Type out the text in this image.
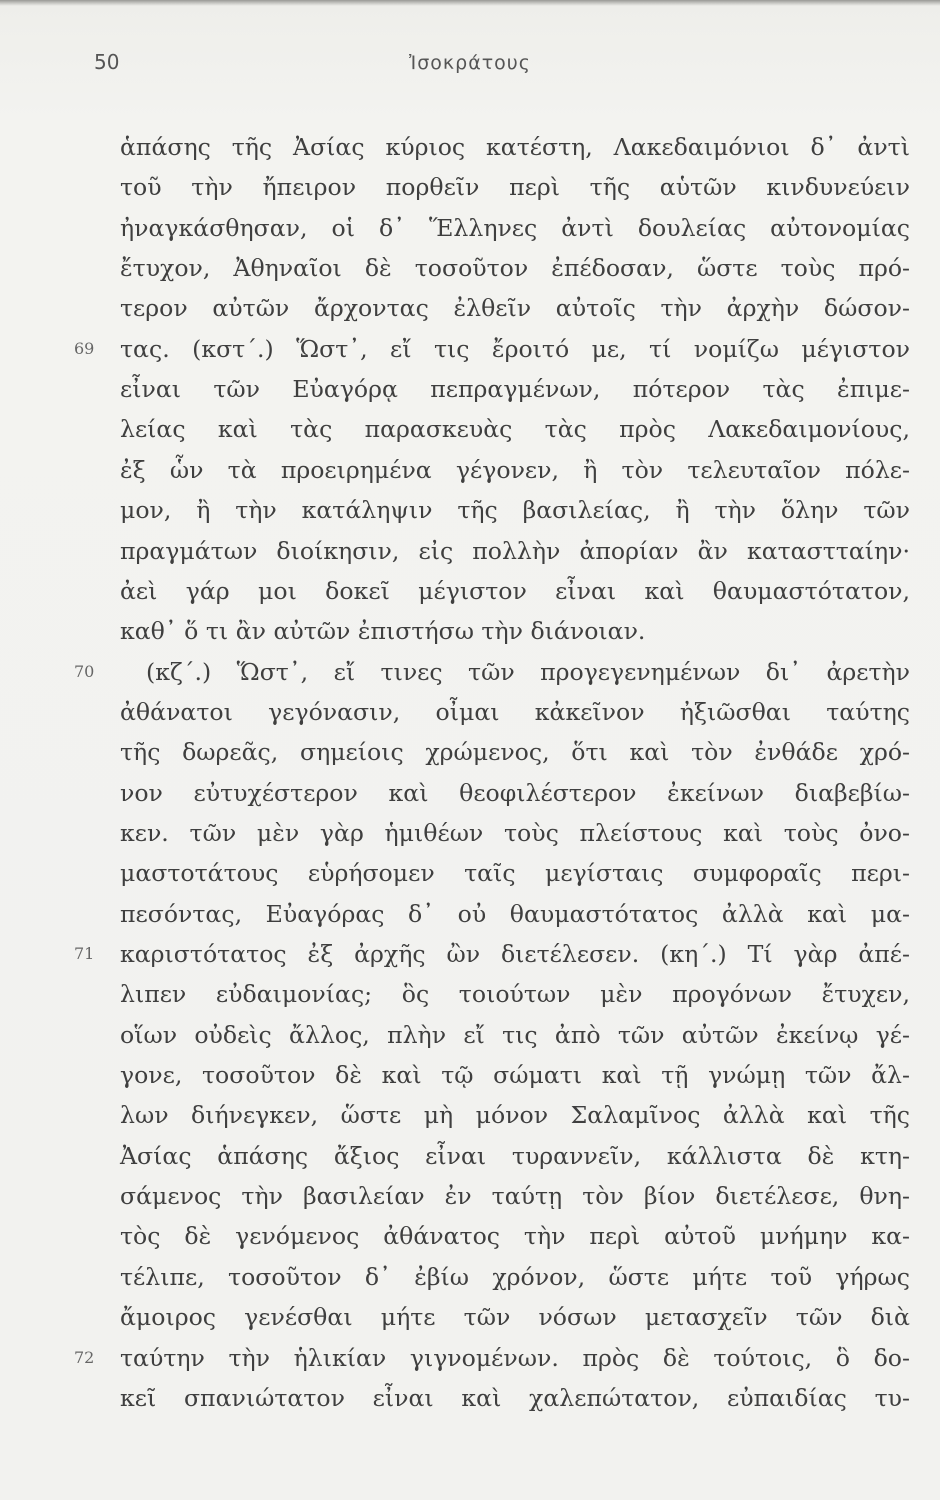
50	Ἰσοκράτους
ἁπάσης τῆς Ἀσίας κύριος κατέστη, Λακεδαιμόνιοι δ᾽ ἀντὶ
τοῦ τὴν ἤπειρον πορθεῖν περὶ τῆς αὑτῶν κινδυνεύειν
ἠναγκάσθησαν, οἱ δ᾽ Ἕλληνες ἀντὶ δουλείας αὐτονομίας
ἔτυχον, Ἀθηναῖοι δὲ τοσοῦτον ἐπέδοσαν, ὥστε τοὺς πρό-
τερον αὐτῶν ἄρχοντας ἐλθεῖν αὐτοῖς τὴν ἀρχὴν δώσον-
τας. (κστ΄.) Ὥστ᾽, εἴ τις ἔροιτό με, τί νομίζω μέγιστον
69
εἶναι τῶν Εὐαγόρᾳ πεπραγμένων, πότερον τὰς ἐπιμε-
λείας καὶ τὰς παρασκευὰς τὰς πρὸς Λακεδαιμονίους,
ἐξ ὧν τὰ προειρημένα γέγονεν, ἢ τὸν τελευταῖον πόλε-
μον, ἢ τὴν κατάληψιν τῆς βασιλείας, ἢ τὴν ὅλην τῶν
πραγμάτων διοίκησιν, εἰς πολλὴν ἀπορίαν ἂν καταστταίην·
ἀεὶ γάρ μοι δοκεῖ μέγιστον εἶναι καὶ θαυμαστότατον,
καθ᾽ ὅ τι ἂν αὐτῶν ἐπιστήσω τὴν διάνοιαν.
(κζ΄.) Ὥστ᾽, εἴ τινες τῶν προγεγενημένων δι᾽ ἀρετὴν
70
ἀθάνατοι γεγόνασιν, οἶμαι κἀκεῖνον ἠξιῶσθαι ταύτης
τῆς δωρεᾶς, σημείοις χρώμενος, ὅτι καὶ τὸν ἐνθάδε χρό-
νον εὐτυχέστερον καὶ θεοφιλέστερον ἐκείνων διαβεβίω-
κεν. τῶν μὲν γὰρ ἡμιθέων τοὺς πλείστους καὶ τοὺς ὀνο-
μαστοτάτους εὑρήσομεν ταῖς μεγίσταις συμφοραῖς περι-
πεσόντας, Εὐαγόρας δ᾽ οὐ θαυμαστότατος ἀλλὰ καὶ μα-
καριστότατος ἐξ ἀρχῆς ὢν διετέλεσεν. (κη΄.) Τί γὰρ ἀπέ-
71
λιπεν εὐδαιμονίας; ὃς τοιούτων μὲν προγόνων ἔτυχεν,
οἵων οὐδεὶς ἄλλος, πλὴν εἴ τις ἀπὸ τῶν αὐτῶν ἐκείνῳ γέ-
γονε, τοσοῦτον δὲ καὶ τῷ σώματι καὶ τῇ γνώμῃ τῶν ἄλ-
λων διήνεγκεν, ὥστε μὴ μόνον Σαλαμῖνος ἀλλὰ καὶ τῆς
Ἀσίας ἁπάσης ἄξιος εἶναι τυραννεῖν, κάλλιστα δὲ κτη-
σάμενος τὴν βασιλείαν ἐν ταύτῃ τὸν βίον διετέλεσε, θνη-
τὸς δὲ γενόμενος ἀθάνατος τὴν περὶ αὐτοῦ μνήμην κα-
τέλιπε, τοσοῦτον δ᾽ ἐβίω χρόνον, ὥστε μήτε τοῦ γήρως
ἄμοιρος γενέσθαι μήτε τῶν νόσων μετασχεῖν τῶν διὰ
ταύτην τὴν ἡλικίαν γιγνομένων. πρὸς δὲ τούτοις, ὃ δο-
72
κεῖ σπανιώτατον εἶναι καὶ χαλεπώτατον, εὐπαιδίας τυ-
